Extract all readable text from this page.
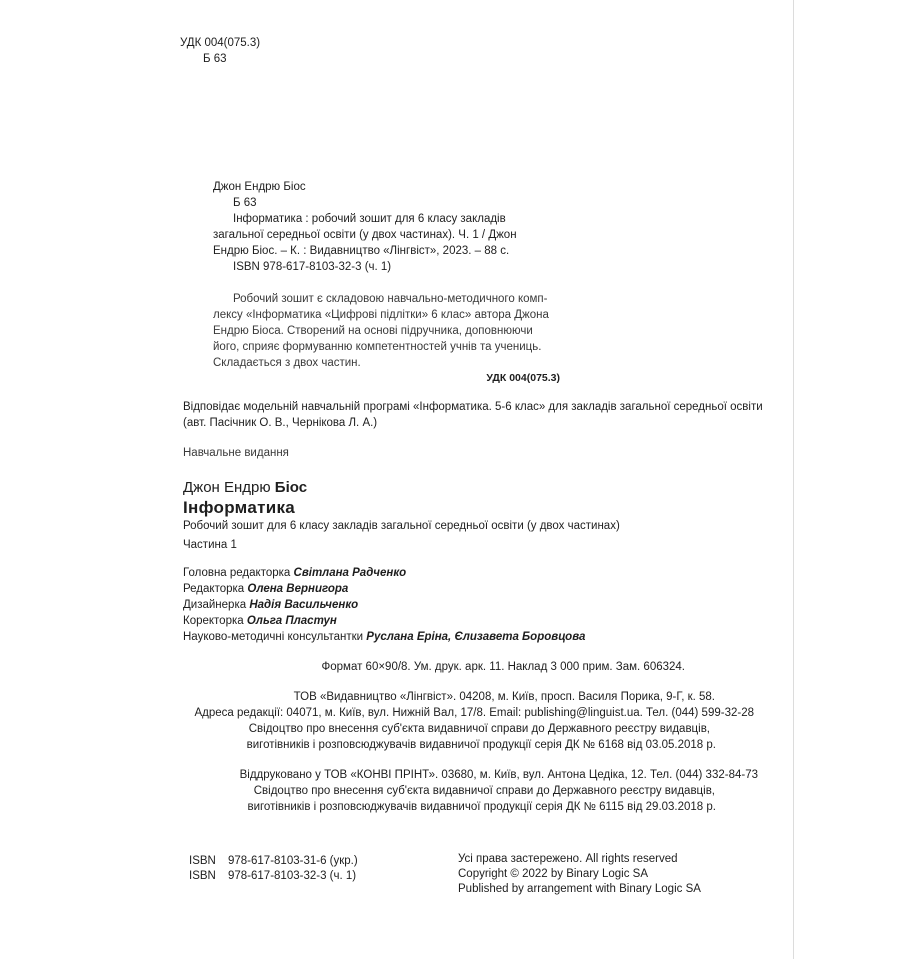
УДК 004(075.3)
Б 63
Джон Ендрю Біос
Б 63
Інформатика : робочий зошит для 6 класу закладів
загальної середньої освіти (у двох частинах). Ч. 1 / Джон
Ендрю Біос. – К. : Видавництво «Лінгвіст», 2023. – 88 с.
ISBN 978-617-8103-32-3 (ч. 1)
Робочий зошит є складовою навчально-методичного комп-
лексу «Інформатика «Цифрові підлітки» 6 клас» автора Джона
Ендрю Біоса. Створений на основі підручника, доповнюючи
його, сприяє формуванню компетентностей учнів та учениць.
Складається з двох частин.
УДК 004(075.3)
Відповідає модельній навчальній програмі «Інформатика. 5-6 клас» для закладів загальної середньої освіти
(авт. Пасічник О. В., Чернікова Л. А.)
Навчальне видання
Джон Ендрю Біос
Інформатика
Робочий зошит для 6 класу закладів загальної середньої освіти (у двох частинах)
Частина 1
Головна редакторка Світлана Радченко
Редакторка Олена Вернигора
Дизайнерка Надія Васильченко
Коректорка Ольга Пластун
Науково-методичні консультантки Руслана Еріна, Єлизавета Боровцова
Формат 60×90/8. Ум. друк. арк. 11. Наклад 3 000 прим. Зам. 606324.
ТОВ «Видавництво «Лінгвіст». 04208, м. Київ, просп. Василя Порика, 9-Г, к. 58.
Адреса редакції: 04071, м. Київ, вул. Нижній Вал, 17/8. Email: publishing@linguist.ua. Тел. (044) 599-32-28
Свідоцтво про внесення суб'єкта видавничої справи до Державного реєстру видавців,
виготівників і розповсюджувачів видавничої продукції серія ДК № 6168 від 03.05.2018 р.
Віддруковано у ТОВ «КОНВІ ПРІНТ». 03680, м. Київ, вул. Антона Цедіка, 12. Тел. (044) 332-84-73
Свідоцтво про внесення суб'єкта видавничої справи до Державного реєстру видавців,
виготівників і розповсюджувачів видавничої продукції серія ДК № 6115 від 29.03.2018 р.
ISBN 978-617-8103-31-6 (укр.)
ISBN 978-617-8103-32-3 (ч. 1)
Усі права застережено. All rights reserved
Copyright © 2022 by Binary Logic SA
Published by arrangement with Binary Logic SA
